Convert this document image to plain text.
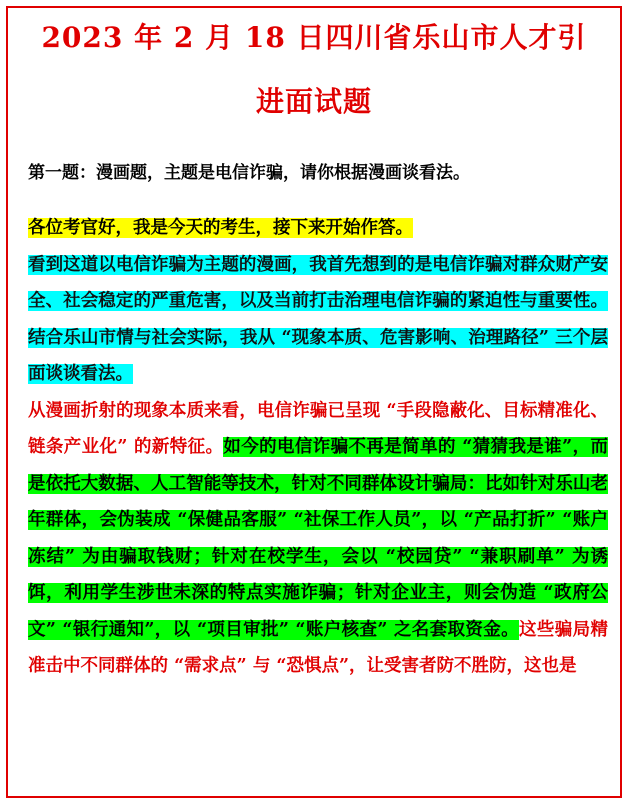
2023 年 2 月 18 日四川省乐山市人才引
进面试题
第一题：漫画题，主题是电信诈骗，请你根据漫画谈看法。

各位考官好，我是今天的考生，接下来开始作答。

看到这道以电信诈骗为主题的漫画，我首先想到的是电信诈骗对群众财产安全、社会稳定的严重危害，以及当前打击治理电信诈骗的紧迫性与重要性。结合乐山市情与社会实际，我从 “现象本质、危害影响、治理路径” 三个层面谈谈看法。

从漫画折射的现象本质来看，电信诈骗已呈现 “手段隐蔽化、目标精准化、链条产业化” 的新特征。如今的电信诈骗不再是简单的 “猜猜我是谁”，而是依托大数据、人工智能等技术，针对不同群体设计骗局：比如针对乐山老年群体，会伪装成 “保健品客服” “社保工作人员”，以 “产品打折” “账户冻结” 为由骗取钱财；针对在校学生，会以 “校园贷” “兼职刷单” 为诱饵，利用学生涉世未深的特点实施诈骗；针对企业主，则会伪造 “政府公文” “银行通知”，以 “项目审批” “账户核查” 之名套取资金。这些骗局精准击中不同群体的 “需求点” 与 “恐惧点”，让受害者防不胜防，这也是
